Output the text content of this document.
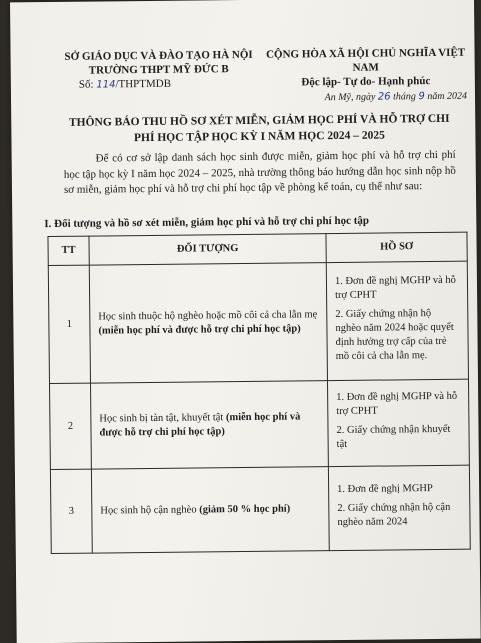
SỞ GIÁO DỤC VÀ ĐÀO TẠO HÀ NỘI
TRƯỜNG THPT MỸ ĐỨC B
Số: 114/THPTMDB
CỘNG HÒA XÃ HỘI CHỦ NGHĨA VIỆT NAM
Độc lập- Tự do- Hạnh phúc
An Mỹ, ngày 26 tháng 9 năm 2024
THÔNG BÁO THU HỒ SƠ XÉT MIỄN, GIẢM HỌC PHÍ VÀ HỖ TRỢ CHI
PHÍ HỌC TẬP HỌC KỲ I NĂM HỌC 2024 – 2025
Để có cơ sở lập danh sách học sinh được miễn, giảm học phí và hỗ trợ chi phí học tập học kỳ I năm học 2024 – 2025, nhà trường thông báo hướng dẫn học sinh nộp hồ sơ miễn, giảm học phí và hỗ trợ chi phí học tập về phòng kế toán, cụ thể như sau:
I. Đối tượng và hồ sơ xét miễn, giảm học phí và hỗ trợ chi phí học tập
TT	ĐỐI TƯỢNG	HỒ SƠ
1	Học sinh thuộc hộ nghèo hoặc mồ côi cả cha lẫn mẹ (miễn học phí và được hỗ trợ chi phí học tập)	1. Đơn đề nghị MGHP và hỗ trợ CPHT
2. Giấy chứng nhận hộ nghèo năm 2024 hoặc quyết định hưởng trợ cấp của trẻ mồ côi cả cha lẫn mẹ.

2	Học sinh bị tàn tật, khuyết tật (miễn học phí và được hỗ trợ chi phí học tập)	1. Đơn đề nghị MGHP và hỗ trợ CPHT
2. Giấy chứng nhận khuyết tật

3	Học sinh hộ cận nghèo (giảm 50 % học phí)	1. Đơn đề nghị MGHP
2. Giấy chứng nhận hộ cận nghèo năm 2024
